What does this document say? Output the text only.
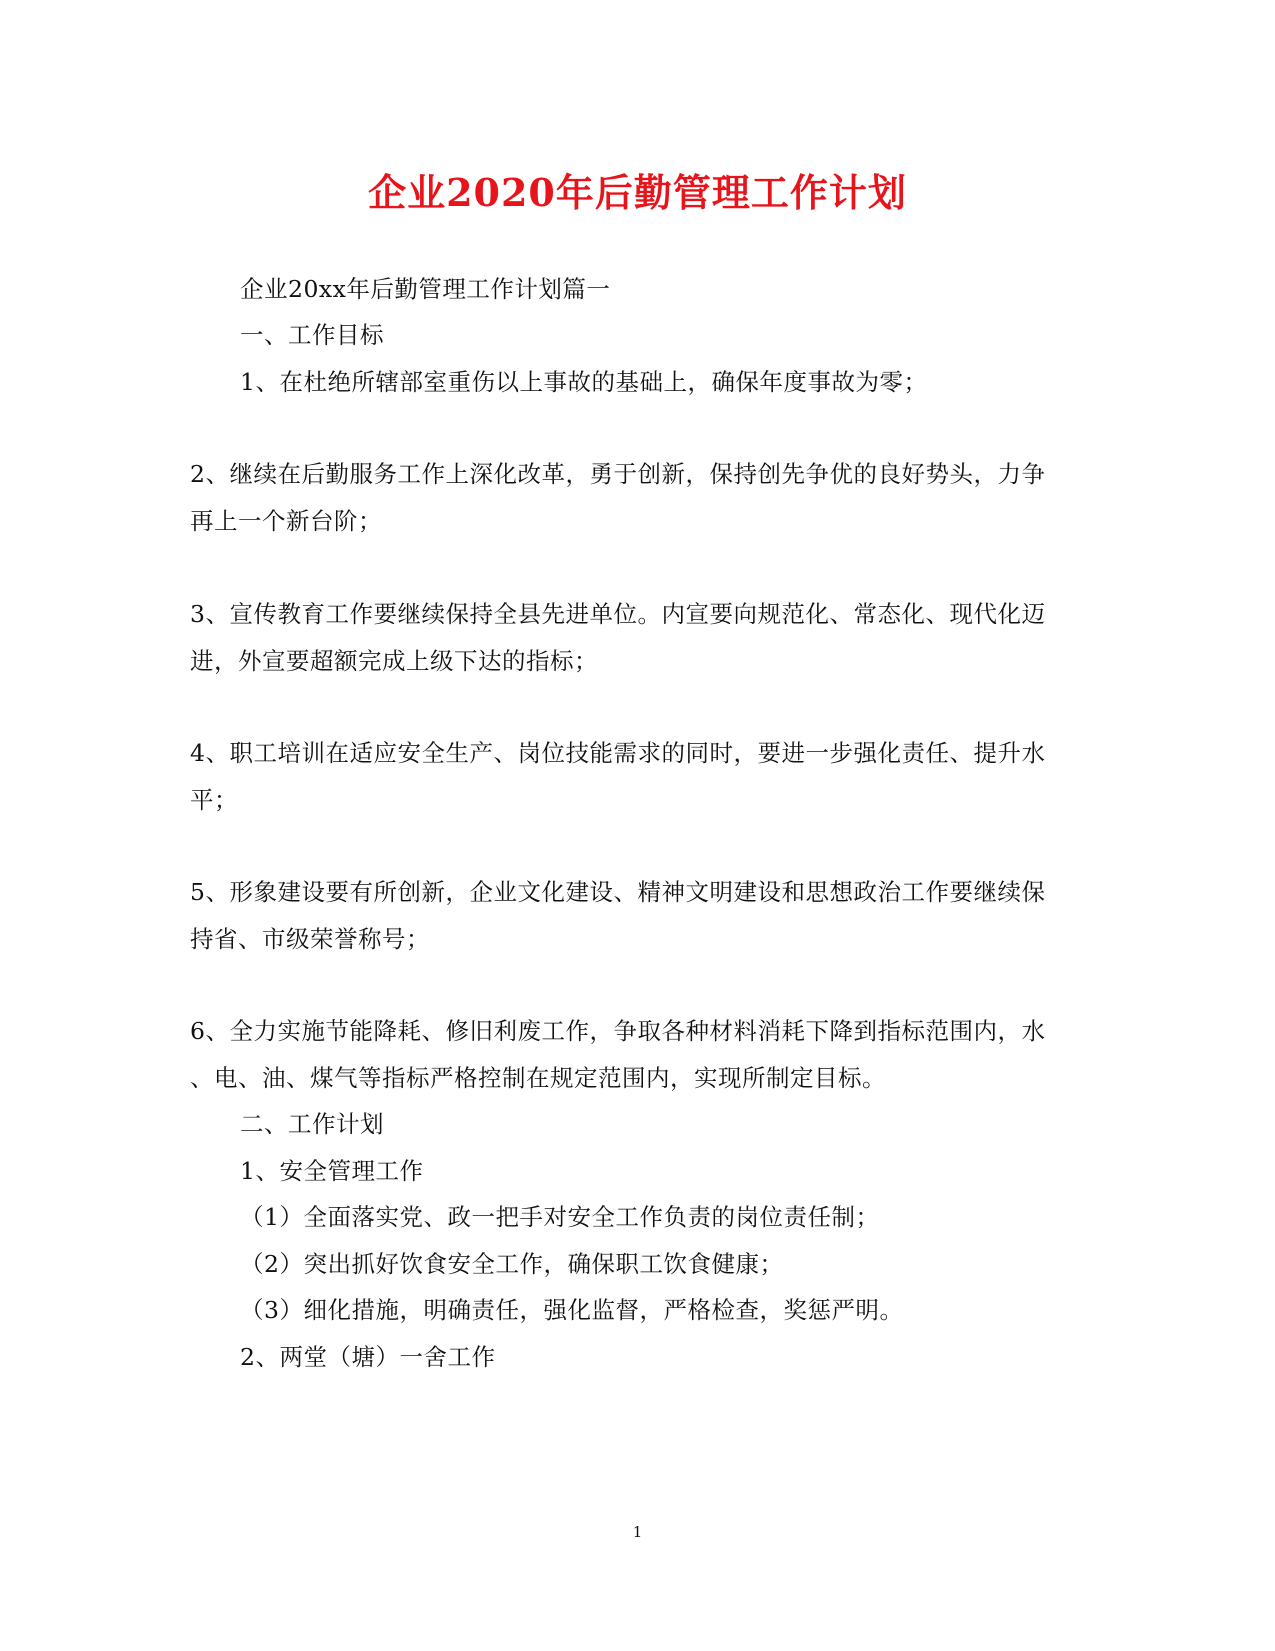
企业2020年后勤管理工作计划
企业20xx年后勤管理工作计划篇一
一、工作目标
1、在杜绝所辖部室重伤以上事故的基础上，确保年度事故为零；
2、继续在后勤服务工作上深化改革，勇于创新，保持创先争优的良好势头，力争
再上一个新台阶；
3、宣传教育工作要继续保持全县先进单位。内宣要向规范化、常态化、现代化迈
进，外宣要超额完成上级下达的指标；
4、职工培训在适应安全生产、岗位技能需求的同时，要进一步强化责任、提升水
平；
5、形象建设要有所创新，企业文化建设、精神文明建设和思想政治工作要继续保
持省、市级荣誉称号；
6、全力实施节能降耗、修旧利废工作，争取各种材料消耗下降到指标范围内，水
、电、油、煤气等指标严格控制在规定范围内，实现所制定目标。
二、工作计划
1、安全管理工作
（1）全面落实党、政一把手对安全工作负责的岗位责任制；
（2）突出抓好饮食安全工作，确保职工饮食健康；
（3）细化措施，明确责任，强化监督，严格检查，奖惩严明。
2、两堂（塘）一舍工作
1
